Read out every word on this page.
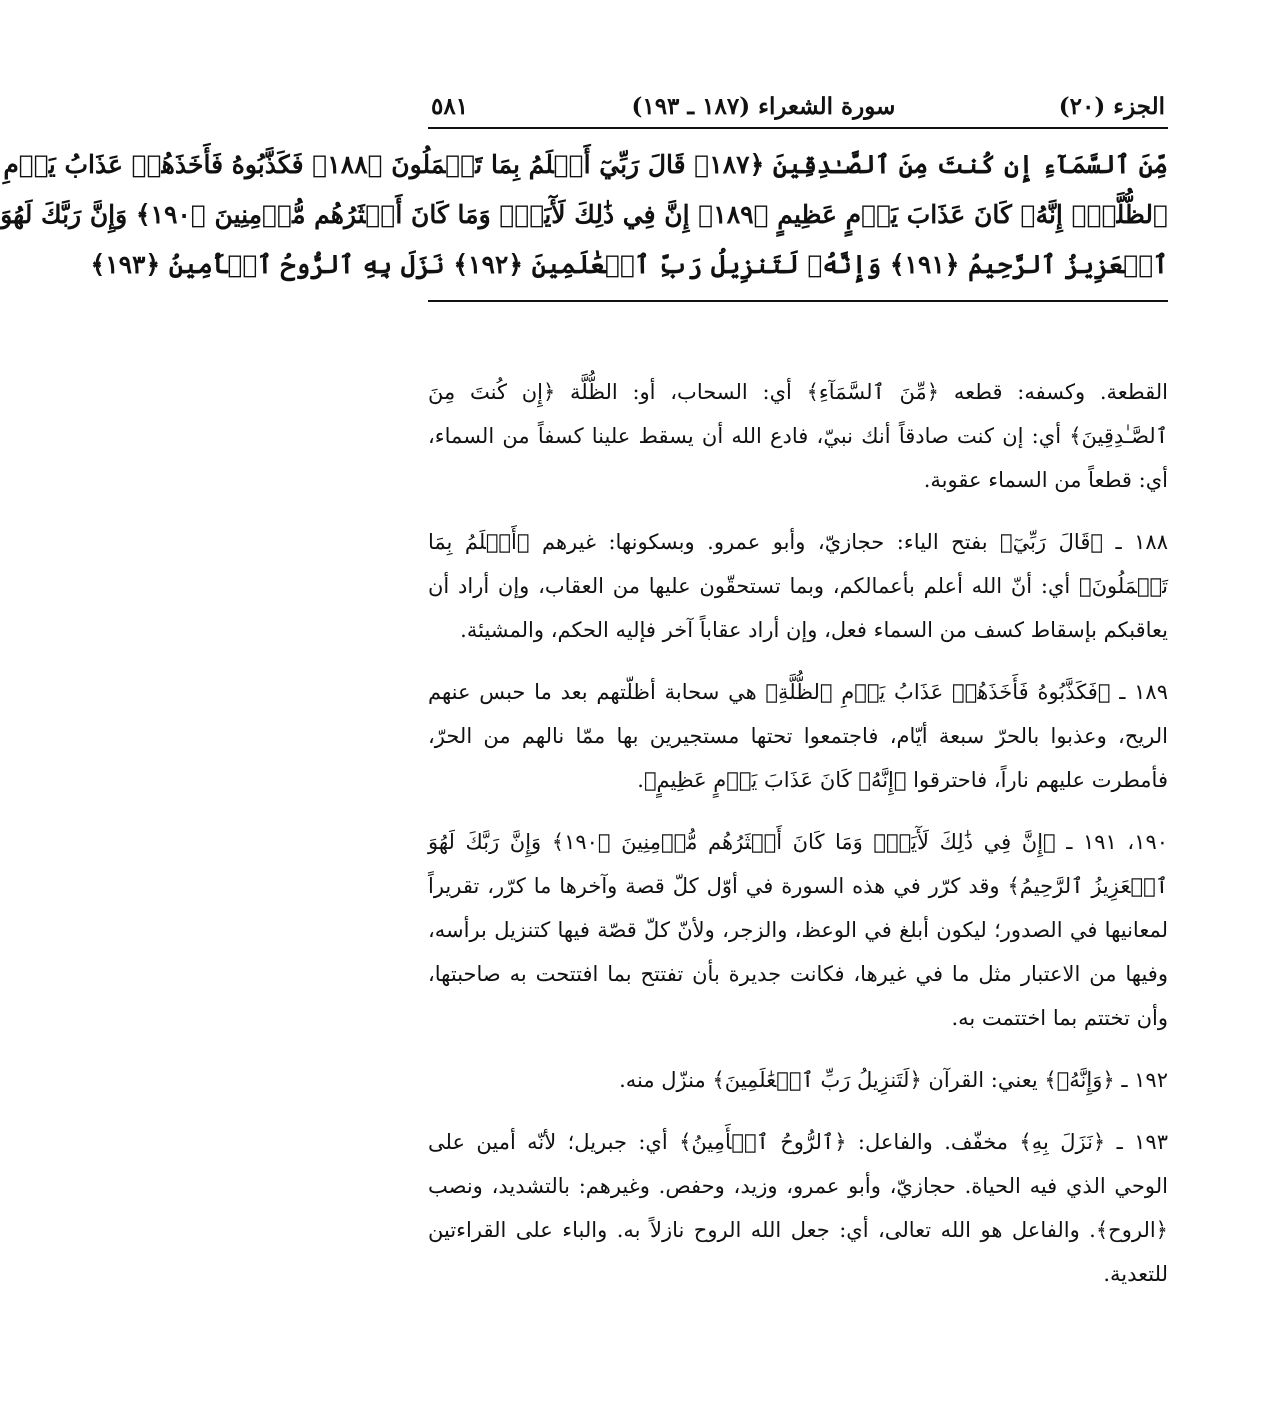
الجزء (٢٠)
سورة الشعراء (١٨٧ ـ ١٩٣)
٥٨١
مِّنَ ٱلسَّمَآءِ إِن كُنتَ مِنَ ٱلصَّـٰدِقِينَ ﴿١٨٧﴾ قَالَ رَبِّيٓ أَعۡلَمُ بِمَا تَعۡمَلُونَ ﴿١٨٨﴾ فَكَذَّبُوهُ فَأَخَذَهُمۡ عَذَابُ يَوۡمِ
ٱلظُّلَّةِۚ إِنَّهُۥ كَانَ عَذَابَ يَوۡمٍ عَظِيمٍ ﴿١٨٩﴾ إِنَّ فِي ذَٰلِكَ لَأٓيَةٗۖ وَمَا كَانَ أَكۡثَرُهُم مُّؤۡمِنِينَ ﴿١٩٠﴾ وَإِنَّ رَبَّكَ لَهُوَ
ٱلۡعَزِيزُ ٱلرَّحِيمُ ﴿١٩١﴾ وَإِنَّهُۥ لَتَنزِيلُ رَبِّ ٱلۡعَٰلَمِينَ ﴿١٩٢﴾ نَزَلَ بِهِ ٱلرُّوحُ ٱلۡأَمِينُ ﴿١٩٣﴾

القطعة. وكسفه: قطعه ﴿مِّنَ ٱلسَّمَآءِ﴾ أي: السحاب، أو: الظُّلَّة ﴿إِن كُنتَ مِنَ ٱلصَّـٰدِقِينَ﴾ أي: إن كنت صادقاً أنك نبيّ، فادع الله أن يسقط علينا كسفاً من السماء، أي: قطعاً من السماء عقوبة.

١٨٨ ـ ﴿قَالَ رَبِّيٓ﴾ بفتح الياء: حجازيّ، وأبو عمرو. وبسكونها: غيرهم ﴿أَعۡلَمُ بِمَا تَعۡمَلُونَ﴾ أي: أنّ الله أعلم بأعمالكم، وبما تستحقّون عليها من العقاب، وإن أراد أن يعاقبكم بإسقاط كسف من السماء فعل، وإن أراد عقاباً آخر فإليه الحكم، والمشيئة.

١٨٩ ـ ﴿فَكَذَّبُوهُ فَأَخَذَهُمۡ عَذَابُ يَوۡمِ ٱلظُّلَّةِ﴾ هي سحابة أظلّتهم بعد ما حبس عنهم الريح، وعذبوا بالحرّ سبعة أيّام، فاجتمعوا تحتها مستجيرين بها ممّا نالهم من الحرّ، فأمطرت عليهم ناراً، فاحترقوا ﴿إِنَّهُۥ كَانَ عَذَابَ يَوۡمٍ عَظِيمٍ﴾.

١٩٠، ١٩١ ـ ﴿إِنَّ فِي ذَٰلِكَ لَأٓيَةٗۖ وَمَا كَانَ أَكۡثَرُهُم مُّؤۡمِنِينَ ﴿١٩٠﴾ وَإِنَّ رَبَّكَ لَهُوَ ٱلۡعَزِيزُ ٱلرَّحِيمُ﴾ وقد كرّر في هذه السورة في أوّل كلّ قصة وآخرها ما كرّر، تقريراً لمعانيها في الصدور؛ ليكون أبلغ في الوعظ، والزجر، ولأنّ كلّ قصّة فيها كتنزيل برأسه، وفيها من الاعتبار مثل ما في غيرها، فكانت جديرة بأن تفتتح بما افتتحت به صاحبتها، وأن تختتم بما اختتمت به.

١٩٢ ـ ﴿وَإِنَّهُۥ﴾ يعني: القرآن ﴿لَتَنزِيلُ رَبِّ ٱلۡعَٰلَمِينَ﴾ منزّل منه.

١٩٣ ـ ﴿نَزَلَ بِهِ﴾ مخفّف. والفاعل: ﴿ٱلرُّوحُ ٱلۡأَمِينُ﴾ أي: جبريل؛ لأنّه أمين على الوحي الذي فيه الحياة. حجازيّ، وأبو عمرو، وزيد، وحفص. وغيرهم: بالتشديد، ونصب ﴿الروح﴾. والفاعل هو الله تعالى، أي: جعل الله الروح نازلاً به. والباء على القراءتين للتعدية.
